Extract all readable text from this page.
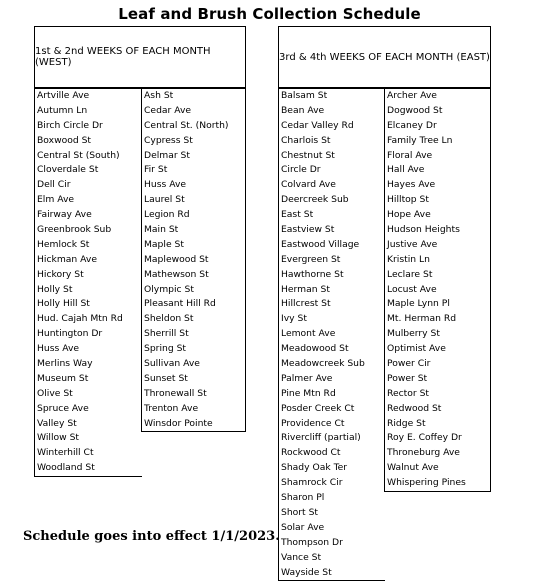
Leaf and Brush Collection Schedule
1st & 2nd WEEKS OF EACH MONTH (WEST)	3rd & 4th WEEKS OF EACH MONTH (EAST)
Artville Ave
Autumn Ln
Birch Circle Dr
Boxwood St
Central St (South)
Cloverdale St
Dell Cir
Elm Ave
Fairway Ave
Greenbrook Sub
Hemlock St
Hickman Ave
Hickory St
Holly St
Holly Hill St
Hud. Cajah Mtn Rd
Huntington Dr
Huss Ave
Merlins Way
Museum St
Olive St
Spruce Ave
Valley St
Willow St
Winterhill Ct
Woodland St
Ash St
Cedar Ave
Central St. (North)
Cypress St
Delmar St
Fir St
Huss Ave
Laurel St
Legion Rd
Main St
Maple St
Maplewood St
Mathewson St
Olympic St
Pleasant Hill Rd
Sheldon St
Sherrill St
Spring St
Sullivan Ave
Sunset St
Thronewall St
Trenton Ave
Winsdor Pointe
Balsam St
Bean Ave
Cedar Valley Rd
Charlois St
Chestnut St
Circle Dr
Colvard Ave
Deercreek Sub
East St
Eastview St
Eastwood Village
Evergreen St
Hawthorne St
Herman St
Hillcrest St
Ivy St
Lemont Ave
Meadowood St
Meadowcreek Sub
Palmer Ave
Pine Mtn Rd
Posder Creek Ct
Providence Ct
Rivercliff (partial)
Rockwood Ct
Shady Oak Ter
Shamrock Cir
Sharon Pl
Short St
Solar Ave
Thompson Dr
Vance St
Wayside St
Archer Ave
Dogwood St
Elcaney Dr
Family Tree Ln
Floral Ave
Hall Ave
Hayes Ave
Hilltop St
Hope Ave
Hudson Heights
Justive Ave
Kristin Ln
Leclare St
Locust Ave
Maple Lynn Pl
Mt. Herman Rd
Mulberry St
Optimist Ave
Power Cir
Power St
Rector St
Redwood St
Ridge St
Roy E. Coffey Dr
Throneburg Ave
Walnut Ave
Whispering Pines
Schedule goes into effect 1/1/2023.
